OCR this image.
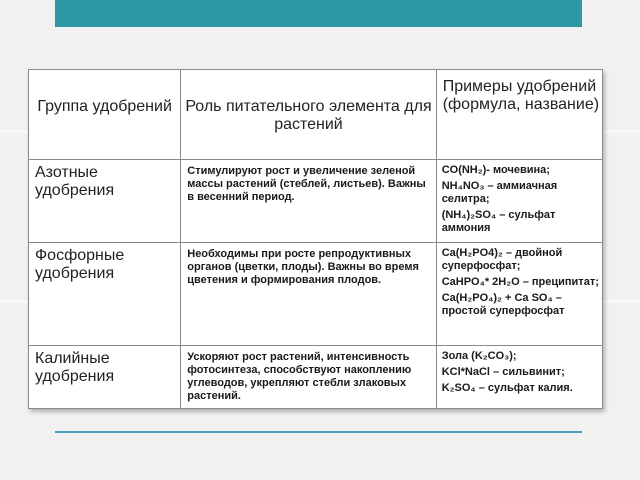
Группа удобрений	Роль питательного элемента для растений	Примеры удобрений (формула, название)
Азотные удобрения	Стимулируют рост и увеличение зеленой массы растений (стеблей, листьев). Важны в весенний период.	CO(NH₂)- мочевина;
NH₄NO₃ – аммиачная селитра;
(NH₄)₂SO₄ – сульфат аммония

Фосфорные удобрения	Необходимы при росте репродуктивных органов (цветки, плоды). Важны во время цветения и формирования плодов.	Ca(H₂PO4)₂ – двойной суперфосфат;
CaHPO₄* 2H₂O – преципитат;
Ca(H₂PO₄)₂ + Ca SO₄ – простой суперфосфат

Калийные удобрения	Ускоряют рост растений, интенсивность фотосинтеза, способствуют накоплению углеводов, укрепляют стебли злаковых растений.	Зола (K₂CO₃);
KCl*NaCl – сильвинит;
K₂SO₄ – сульфат калия.
